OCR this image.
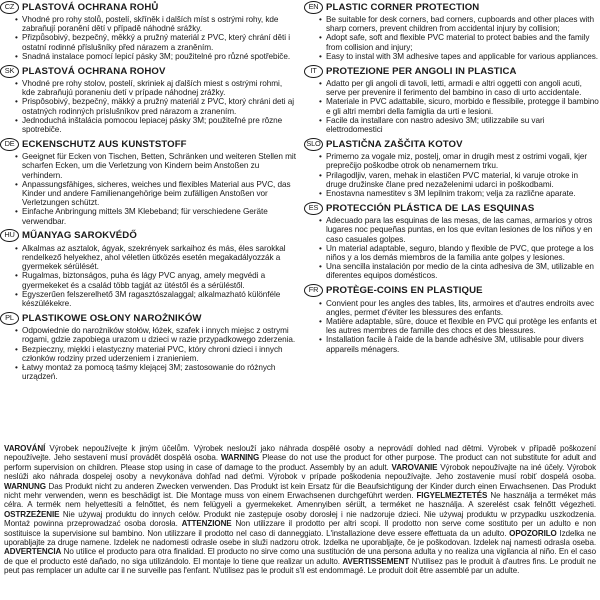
CZ PLASTOVÁ OCHRANA ROHŮ
• Vhodné pro rohy stolů, postelí, skříněk i dalších míst s ostrými rohy, kde zabraňují poranění dětí v případě náhodné srážky.
• Přizpůsobivý, bezpečný, měkký a pružný materiál z PVC, který chrání děti i ostatní rodinné příslušníky před nárazem a zraněním.
• Snadná instalace pomocí lepicí pásky 3M; použitelné pro různé spotřebiče.
SK PLASTOVÁ OCHRANA ROHOV
• Vhodné pre rohy stolov, postelí, skriniek aj ďalších miest s ostrými rohmi, kde zabraňujú poraneniu detí v prípade náhodnej zrážky.
• Prispôsobivý, bezpečný, mäkký a pružný materiál z PVC, ktorý chráni deti aj ostatných rodinných príslušníkov pred nárazom a zranením.
• Jednoduchá inštalácia pomocou lepiacej pásky 3M; použiteľné pre rôzne spotrebiče.
DE ECKENSCHUTZ AUS KUNSTSTOFF
• Geeignet für Ecken von Tischen, Betten, Schränken und weiteren Stellen mit scharfen Ecken, um die Verletzung von Kindern beim Anstoßen zu verhindern.
• Anpassungsfähiges, sicheres, weiches und flexibles Material aus PVC, das Kinder und andere Familienangehörige beim zufälligen Anstoßen vor Verletzungen schützt.
• Einfache Anbringung mittels 3M Klebeband; für verschiedene Geräte verwendbar.
HU MŰANYAG SAROKVÉDŐ
• Alkalmas az asztalok, ágyak, szekrények sarkaihoz és más, éles sarokkal rendelkező helyekhez, ahol véletlen ütközés esetén megakadályozzák a gyermekek sérülését.
• Rugalmas, biztonságos, puha és lágy PVC anyag, amely megvédi a gyermekeket és a család több tagját az ütéstől és a sérüléstől.
• Egyszerűen felszerelhető 3M ragasztószalaggal; alkalmazható különféle készülékekre.
PL PLASTIKOWE OSŁONY NAROŻNIKÓW
• Odpowiednie do narożników stołów, łóżek, szafek i innych miejsc z ostrymi rogami, gdzie zapobiega urazom u dzieci w razie przypadkowego zderzenia.
• Bezpieczny, miękki i elastyczny materiał PVC, który chroni dzieci i innych członków rodziny przed uderzeniem i zranieniem.
• Łatwy montaż za pomocą taśmy klejącej 3M; zastosowanie do różnych urządzeń.
EN PLASTIC CORNER PROTECTION
• Be suitable for desk corners, bad corners, cupboards and other places with sharp corners, prevent children from accidental injury by collision;
• Adopt safe, soft and flexible PVC material to protect babies and the family from collision and injury;
• Easy to instal with 3M adhesive tapes and applicable for various appliances.
IT PROTEZIONE PER ANGOLI IN PLASTICA
• Adatto per gli angoli di tavoli, letti, armadi e altri oggetti con angoli acuti, serve per prevenire il ferimento del bambino in caso di urto accidentale.
• Materiale in PVC adattabile, sicuro, morbido e flessibile, protegge il bambino e gli altri membri della famiglia da urti e lesioni.
• Facile da installare con nastro adesivo 3M; utilizzabile su vari elettrodomestici
SLO PLASTIČNA ZAŠČITA KOTOV
• Primerno za vogale miz, postelj, omar in drugih mest z ostrimi vogali, kjer preprečijo poškodbe otrok ob nenamernem trku.
• Prilagodljiv, varen, mehak in elastičen PVC material, ki varuje otroke in druge družinske člane pred nezaželenimi udarci in poškodbami.
• Enostavna namestitev s 3M lepilnim trakom; velja za različne aparate.
ES PROTECCIÓN PLÁSTICA DE LAS ESQUINAS
• Adecuado para las esquinas de las mesas, de las camas, armarios y otros lugares noc pequeñas puntas, en los que evitan lesiones de los niños y en caso casuales golpes.
• Un material adaptable, seguro, blando y flexible de PVC, que protege a los niños y a los demás miembros de la familia ante golpes y lesiones.
• Una sencilla instalación por medio de la cinta adhesiva de 3M, utilizable en diferentes equipos domésticos.
FR PROTÈGE-COINS EN PLASTIQUE
• Convient pour les angles des tables, lits, armoires et d'autres endroits avec angles, permet d'éviter les blessures des enfants.
• Matière adaptable, sûre, douce et flexible en PVC qui protège les enfants et les autres membres de famille des chocs et des blessures.
• Installation facile à l'aide de la bande adhésive 3M, utilisable pour divers appareils ménagers.
VAROVÁNÍ Výrobek nepoužívejte k jiným účelům. Výrobek neslouží jako náhrada dospělé osoby a neprovádí dohled nad dětmi. Výrobek v případě poškození nepoužívejte. Jeho sestavení musí provádět dospělá osoba. WARNING Please do not use the product for other purpose. The product can not substitute for adult and perform supervision on children. Please stop using in case of damage to the product. Assembly by an adult. VAROVANIE Výrobok nepoužívajte na iné účely. Výrobok neslúži ako náhrada dospelej osoby a nevykonáva dohľad nad deťmi. Výrobok v prípade poškodenia nepoužívajte. Jeho zostavenie musí robiť dospelá osoba. WARNUNG Das Produkt nicht zu anderen Zwecken verwenden. Das Produkt ist kein Ersatz für die Beaufsichtigung der Kinder durch einen Erwachsenen. Das Produkt nicht mehr verwenden, wenn es beschädigt ist. Die Montage muss von einem Erwachsenen durchgeführt werden. FIGYELMEZTETÉS Ne használja a terméket más célra. A termék nem helyettesíti a felnőttet, és nem felügyeli a gyermekeket. Amennyiben sérült, a terméket ne használja. A szerelést csak felnőtt végezheti. OSTRZEŻENIE Nie używaj produktu do innych celów. Produkt nie zastępuje osoby dorosłej i nie nadzoruje dzieci. Nie używaj produktu w przypadku uszkodzenia. Montaż powinna przeprowadzać osoba dorosła. ATTENZIONE Non utilizzare il prodotto per altri scopi. Il prodotto non serve come sostituto per un adulto e non sostituisce la supervisione sul bambino. Non utilizzare il prodotto nel caso di danneggiato. L'installazione deve essere effettuata da un adulto. OPOZORILO Izdelka ne uporabljajte za druge namene. Izdelek ne nadomesti odrasle osebe in služi nadzoru otrok. Izdelka ne uporabljajte, če je poškodovan. Izdelek naj namesti odrasla oseba. ADVERTENCIA No utilice el producto para otra finalidad. El producto no sirve como una sustitución de una persona adulta y no realiza una vigilancia al niño. En el caso de que el producto esté dañado, no siga utilizándolo. El montaje lo tiene que realizar un adulto. AVERTISSEMENT N'utilisez pas le produit à d'autres fins. Le produit ne peut pas remplacer un adulte car il ne surveille pas l'enfant. N'utilisez pas le produit s'il est endommagé. Le produit doit être assemblé par un adulte.
